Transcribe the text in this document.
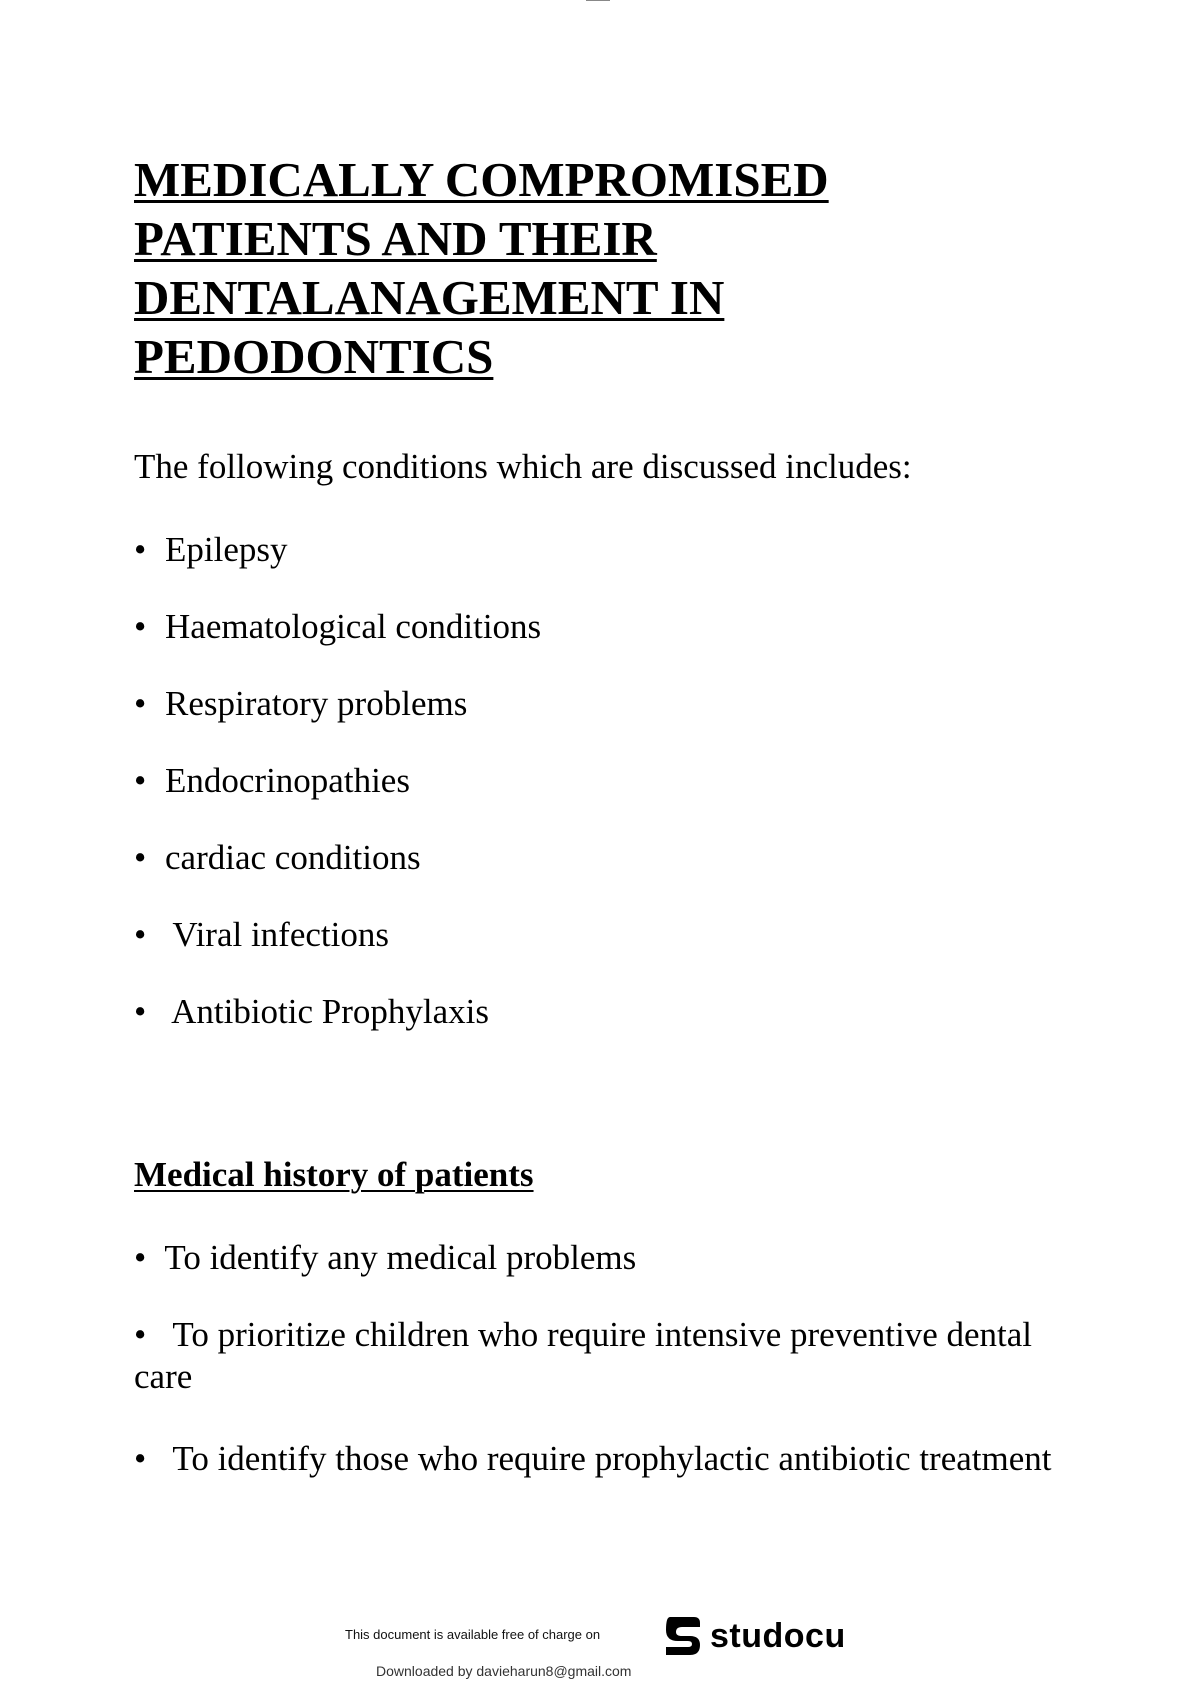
MEDICALLY COMPROMISED
PATIENTS AND THEIR
DENTALANAGEMENT IN
PEDODONTICS

The following conditions which are discussed includes:

• Epilepsy
• Haematological conditions
• Respiratory problems
• Endocrinopathies
• cardiac conditions
• Viral infections
• Antibiotic Prophylaxis
Medical history of patients
• To identify any medical problems
• To prioritize children who require intensive preventive dental care
• To identify those who require prophylactic antibiotic treatment
This document is available free of charge on	studocu
Downloaded by davieharun8@gmail.com
